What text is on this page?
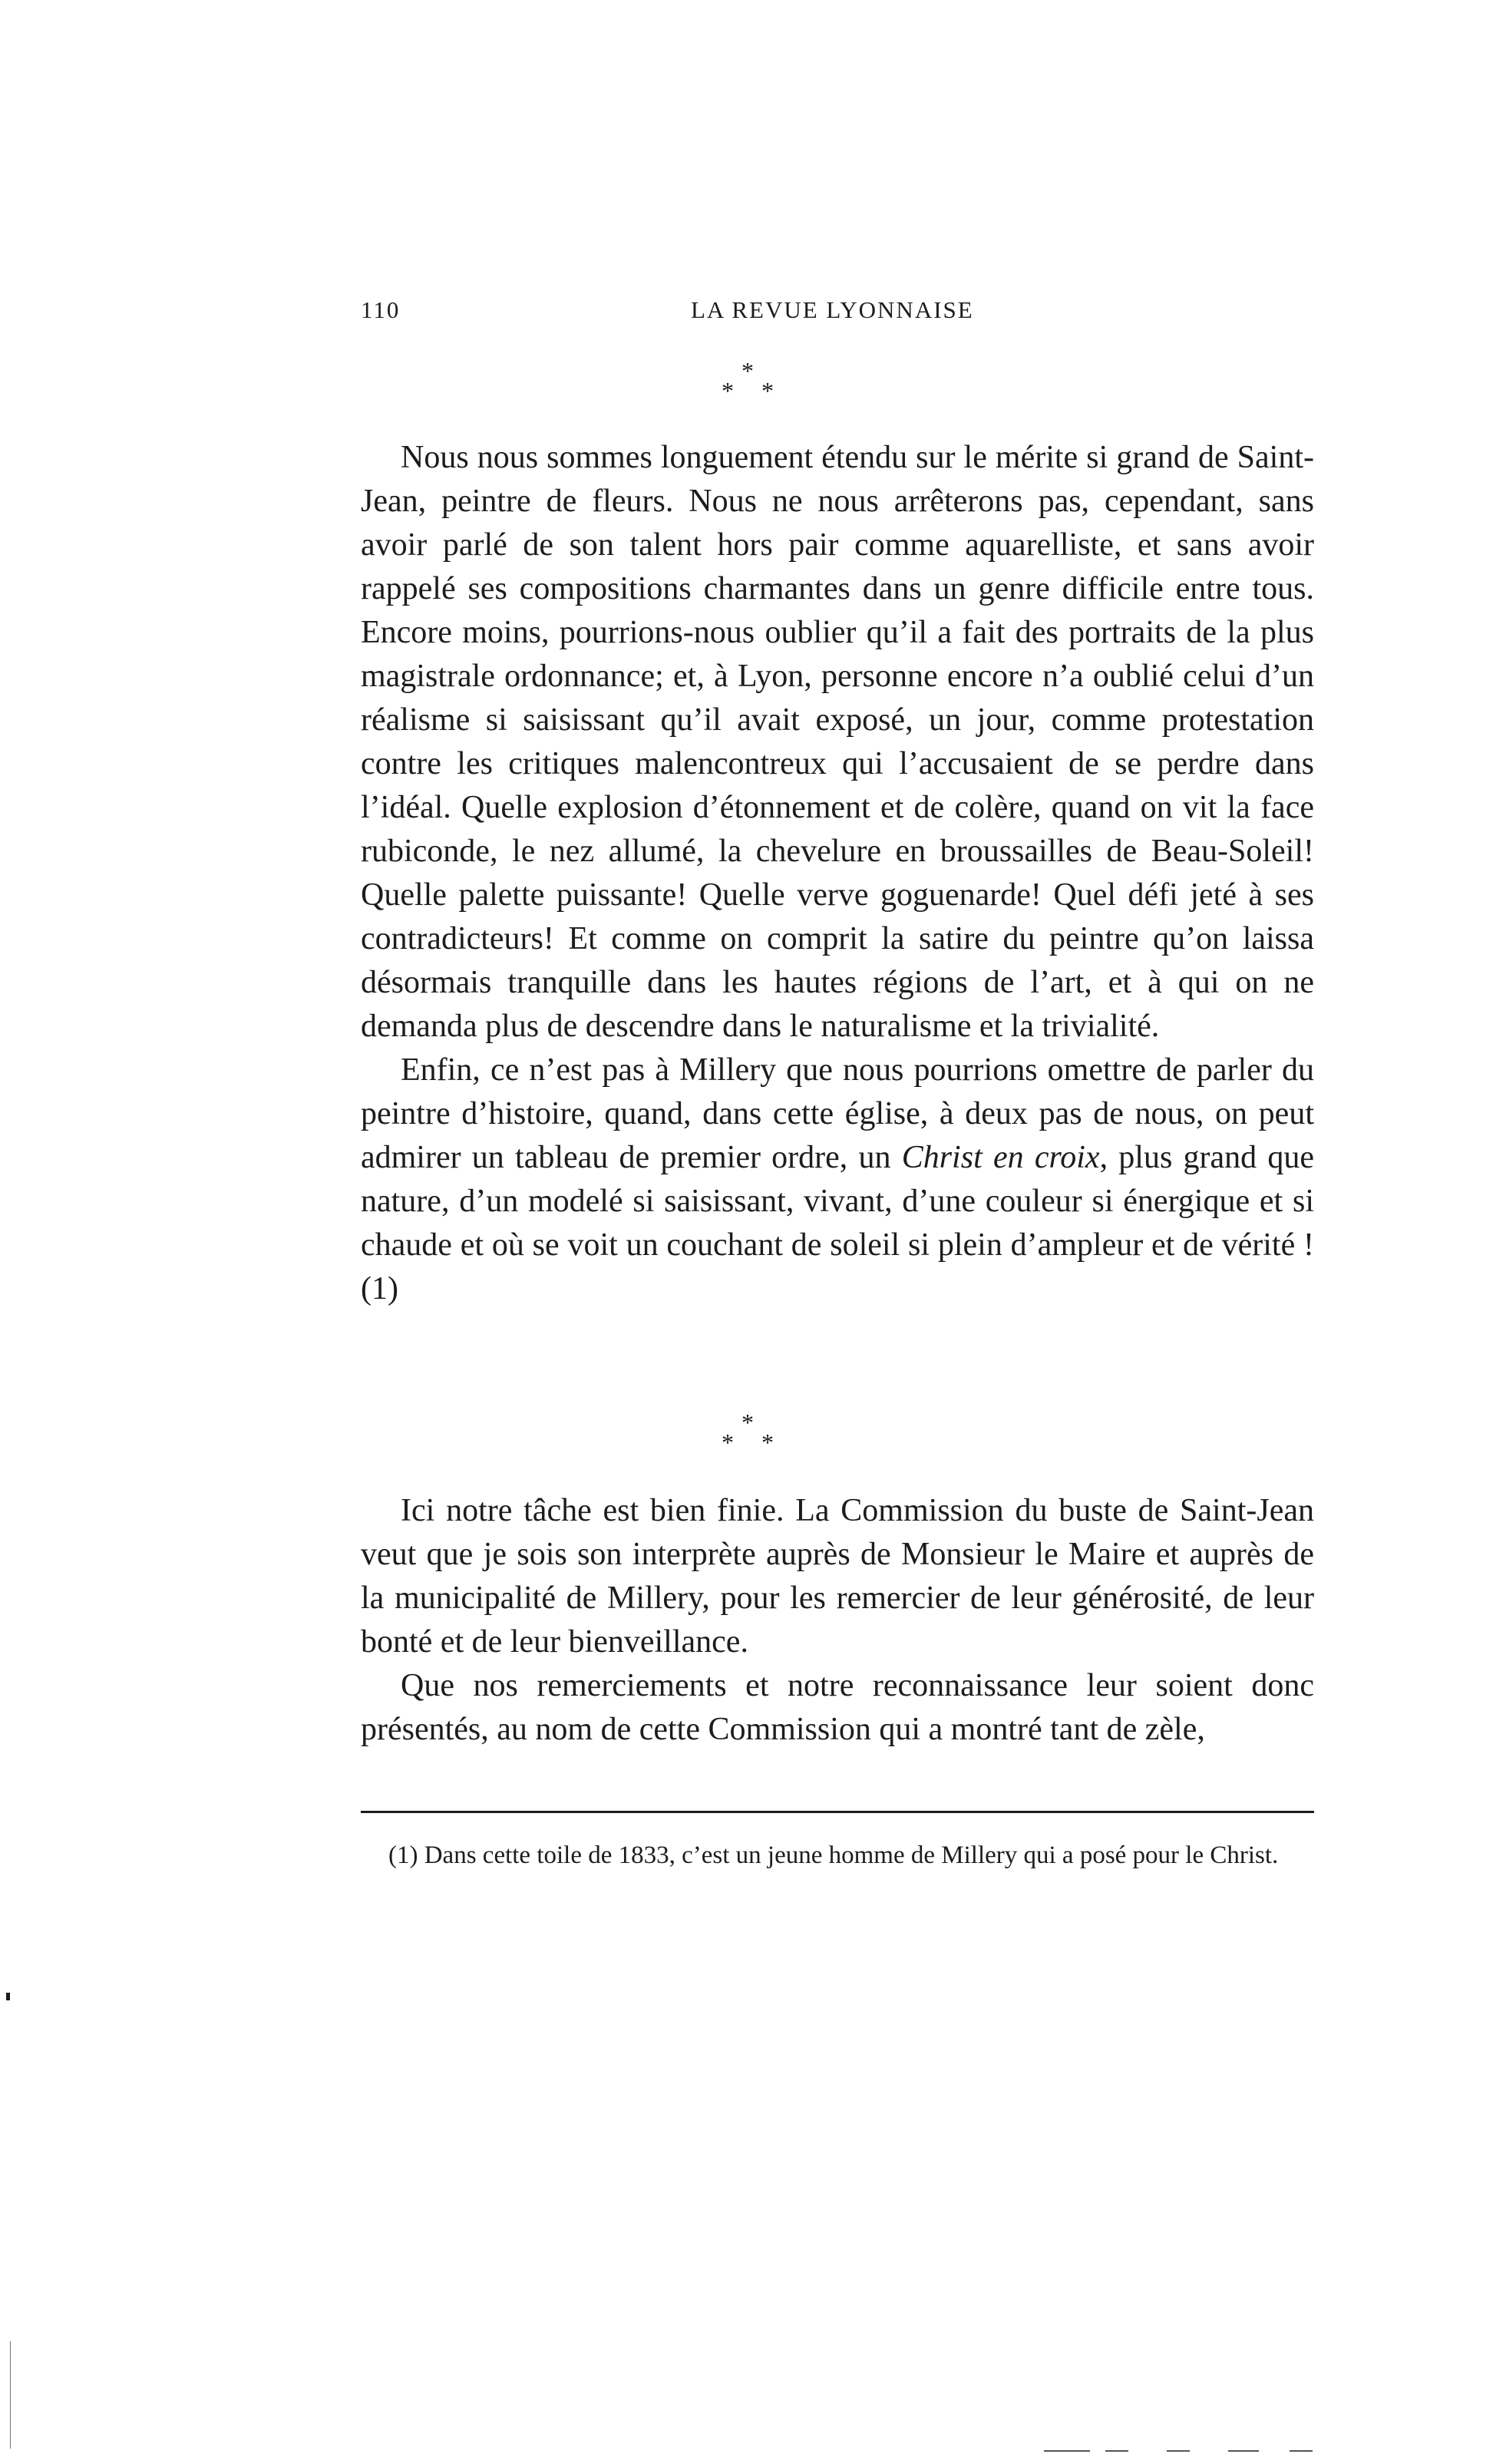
110	LA REVUE LYONNAISE
*
* *

Nous nous sommes longuement étendu sur le mérite si grand de Saint-Jean, peintre de fleurs. Nous ne nous arrêterons pas, cependant, sans avoir parlé de son talent hors pair comme aquarelliste, et sans avoir rappelé ses compositions charmantes dans un genre difficile entre tous. Encore moins, pourrions-nous oublier qu’il a fait des portraits de la plus magistrale ordonnance; et, à Lyon, personne encore n’a oublié celui d’un réalisme si saisissant qu’il avait exposé, un jour, comme protestation contre les critiques malencontreux qui l’accusaient de se perdre dans l’idéal. Quelle explosion d’étonnement et de colère, quand on vit la face rubiconde, le nez allumé, la chevelure en broussailles de Beau-Soleil! Quelle palette puissante! Quelle verve goguenarde! Quel défi jeté à ses contradicteurs! Et comme on comprit la satire du peintre qu’on laissa désormais tranquille dans les hautes régions de l’art, et à qui on ne demanda plus de descendre dans le naturalisme et la trivialité.

Enfin, ce n’est pas à Millery que nous pourrions omettre de parler du peintre d’histoire, quand, dans cette église, à deux pas de nous, on peut admirer un tableau de premier ordre, un Christ en croix, plus grand que nature, d’un modelé si saisissant, vivant, d’une couleur si énergique et si chaude et où se voit un couchant de soleil si plein d’ampleur et de vérité ! (1)

*
* *

Ici notre tâche est bien finie. La Commission du buste de Saint-Jean veut que je sois son interprète auprès de Monsieur le Maire et auprès de la municipalité de Millery, pour les remercier de leur générosité, de leur bonté et de leur bienveillance.

Que nos remerciements et notre reconnaissance leur soient donc présentés, au nom de cette Commission qui a montré tant de zèle,

(1) Dans cette toile de 1833, c’est un jeune homme de Millery qui a posé pour le Christ.
